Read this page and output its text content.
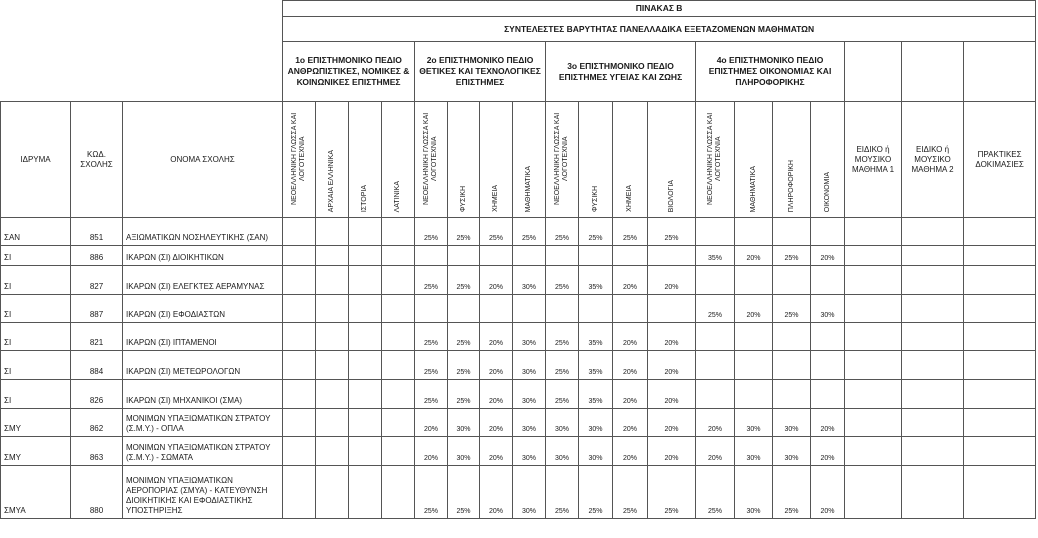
			ΠΙΝΑΚΑΣ Β																		
			ΣΥΝΤΕΛΕΣΤΕΣ ΒΑΡΥΤΗΤΑΣ ΠΑΝΕΛΛΑΔΙΚΑ ΕΞΕΤΑΖΟΜΕΝΩΝ ΜΑΘΗΜΑΤΩΝ																		
			1ο ΕΠΙΣΤΗΜΟΝΙΚΟ ΠΕΔΙΟ ΑΝΘΡΩΠΙΣΤΙΚΕΣ, ΝΟΜΙΚΕΣ & ΚΟΙΝΩΝΙΚΕΣ ΕΠΙΣΤΗΜΕΣ				2ο ΕΠΙΣΤΗΜΟΝΙΚΟ ΠΕΔΙΟ ΘΕΤΙΚΕΣ ΚΑΙ ΤΕΧΝΟΛΟΓΙΚΕΣ ΕΠΙΣΤΗΜΕΣ				3ο ΕΠΙΣΤΗΜΟΝΙΚΟ ΠΕΔΙΟ ΕΠΙΣΤΗΜΕΣ ΥΓΕΙΑΣ ΚΑΙ ΖΩΗΣ				4ο ΕΠΙΣΤΗΜΟΝΙΚΟ ΠΕΔΙΟ ΕΠΙΣΤΗΜΕΣ ΟΙΚΟΝΟΜΙΑΣ ΚΑΙ ΠΛΗΡΟΦΟΡΙΚΗΣ						
ΙΔΡΥΜΑ	ΚΩΔ. ΣΧΟΛΗΣ	ΟΝΟΜΑ ΣΧΟΛΗΣ	ΝΕΟΕΛΛΗΝΙΚΗ ΓΛΩΣΣΑ ΚΑΙ ΛΟΓΟΤΕΧΝΙΑ	ΑΡΧΑΙΑ ΕΛΛΗΝΙΚΑ	ΙΣΤΟΡΙΑ	ΛΑΤΙΝΙΚΑ	ΝΕΟΕΛΛΗΝΙΚΗ ΓΛΩΣΣΑ ΚΑΙ ΛΟΓΟΤΕΧΝΙΑ	ΦΥΣΙΚΗ	ΧΗΜΕΙΑ	ΜΑΘΗΜΑΤΙΚΑ	ΝΕΟΕΛΛΗΝΙΚΗ ΓΛΩΣΣΑ ΚΑΙ ΛΟΓΟΤΕΧΝΙΑ	ΦΥΣΙΚΗ	ΧΗΜΕΙΑ	ΒΙΟΛΟΓΙΑ	ΝΕΟΕΛΛΗΝΙΚΗ ΓΛΩΣΣΑ ΚΑΙ ΛΟΓΟΤΕΧΝΙΑ	ΜΑΘΗΜΑΤΙΚΑ	ΠΛΗΡΟΦΟΡΙΚΗ	ΟΙΚΟΝΟΜΙΑ	ΕΙΔΙΚΟ ή ΜΟΥΣΙΚΟ ΜΑΘΗΜΑ 1	ΕΙΔΙΚΟ ή ΜΟΥΣΙΚΟ ΜΑΘΗΜΑ 2	ΠΡΑΚΤΙΚΕΣ ΔΟΚΙΜΑΣΙΕΣ
ΣΑΝ	851	ΑΞΙΩΜΑΤΙΚΩΝ ΝΟΣΗΛΕΥΤΙΚΗΣ (ΣΑΝ)					25%	25%	25%	25%	25%	25%	25%	25%							
ΣΙ	886	ΙΚΑΡΩΝ (ΣΙ) ΔΙΟΙΚΗΤΙΚΩΝ													35%	20%	25%	20%			
ΣΙ	827	ΙΚΑΡΩΝ (ΣΙ) ΕΛΕΓΚΤΕΣ ΑΕΡΑΜΥΝΑΣ					25%	25%	20%	30%	25%	35%	20%	20%							
ΣΙ	887	ΙΚΑΡΩΝ (ΣΙ) ΕΦΟΔΙΑΣΤΩΝ													25%	20%	25%	30%			
ΣΙ	821	ΙΚΑΡΩΝ (ΣΙ) ΙΠΤΑΜΕΝΟΙ					25%	25%	20%	30%	25%	35%	20%	20%							
ΣΙ	884	ΙΚΑΡΩΝ (ΣΙ) ΜΕΤΕΩΡΟΛΟΓΩΝ					25%	25%	20%	30%	25%	35%	20%	20%							
ΣΙ	826	ΙΚΑΡΩΝ (ΣΙ) ΜΗΧΑΝΙΚΟΙ (ΣΜΑ)					25%	25%	20%	30%	25%	35%	20%	20%							
ΣΜΥ	862	ΜΟΝΙΜΩΝ ΥΠΑΞΙΩΜΑΤΙΚΩΝ ΣΤΡΑΤΟΥ (Σ.Μ.Υ.) - ΟΠΛΑ					20%	30%	20%	30%	30%	30%	20%	20%	20%	30%	30%	20%			
ΣΜΥ	863	ΜΟΝΙΜΩΝ ΥΠΑΞΙΩΜΑΤΙΚΩΝ ΣΤΡΑΤΟΥ (Σ.Μ.Υ.) - ΣΩΜΑΤΑ					20%	30%	20%	30%	30%	30%	20%	20%	20%	30%	30%	20%			
ΣΜΥΑ	880	ΜΟΝΙΜΩΝ ΥΠΑΞΙΩΜΑΤΙΚΩΝ ΑΕΡΟΠΟΡΙΑΣ (ΣΜΥΑ) - ΚΑΤΕΥΘΥΝΣΗ ΔΙΟΙΚΗΤΙΚΗΣ ΚΑΙ ΕΦΟΔΙΑΣΤΙΚΗΣ ΥΠΟΣΤΗΡΙΞΗΣ					25%	25%	20%	30%	25%	25%	25%	25%	25%	30%	25%	20%			
